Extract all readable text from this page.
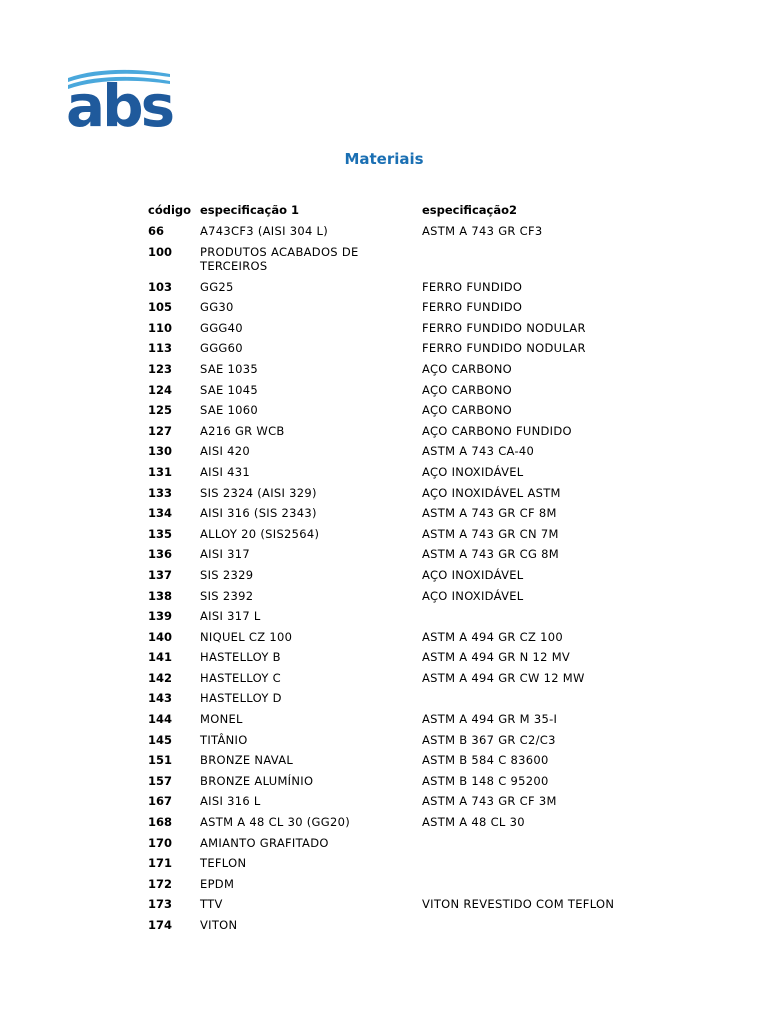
abs
Materiais
código	especificação 1	especificação2
66	A743CF3 (AISI 304 L)	ASTM A 743 GR CF3
100	PRODUTOS ACABADOS DE TERCEIROS	
103	GG25	FERRO FUNDIDO
105	GG30	FERRO FUNDIDO
110	GGG40	FERRO FUNDIDO NODULAR
113	GGG60	FERRO FUNDIDO NODULAR
123	SAE 1035	AÇO CARBONO
124	SAE 1045	AÇO CARBONO
125	SAE 1060	AÇO CARBONO
127	A216 GR WCB	AÇO CARBONO FUNDIDO
130	AISI 420	ASTM A 743 CA-40
131	AISI 431	AÇO INOXIDÁVEL
133	SIS 2324 (AISI 329)	AÇO INOXIDÁVEL ASTM
134	AISI 316 (SIS 2343)	ASTM A 743 GR CF 8M
135	ALLOY 20 (SIS2564)	ASTM A 743 GR CN 7M
136	AISI 317	ASTM A 743 GR CG 8M
137	SIS 2329	AÇO INOXIDÁVEL
138	SIS 2392	AÇO INOXIDÁVEL
139	AISI 317 L	
140	NIQUEL CZ 100	ASTM A 494 GR CZ 100
141	HASTELLOY B	ASTM A 494 GR N 12 MV
142	HASTELLOY C	ASTM A 494 GR CW 12 MW
143	HASTELLOY D	
144	MONEL	ASTM A 494 GR M 35-I
145	TITÂNIO	ASTM B 367 GR C2/C3
151	BRONZE NAVAL	ASTM B 584 C 83600
157	BRONZE ALUMÍNIO	ASTM B 148 C 95200
167	AISI 316 L	ASTM A 743 GR CF 3M
168	ASTM A 48 CL 30 (GG20)	ASTM A 48 CL 30
170	AMIANTO GRAFITADO	
171	TEFLON	
172	EPDM	
173	TTV	VITON REVESTIDO COM TEFLON
174	VITON	
